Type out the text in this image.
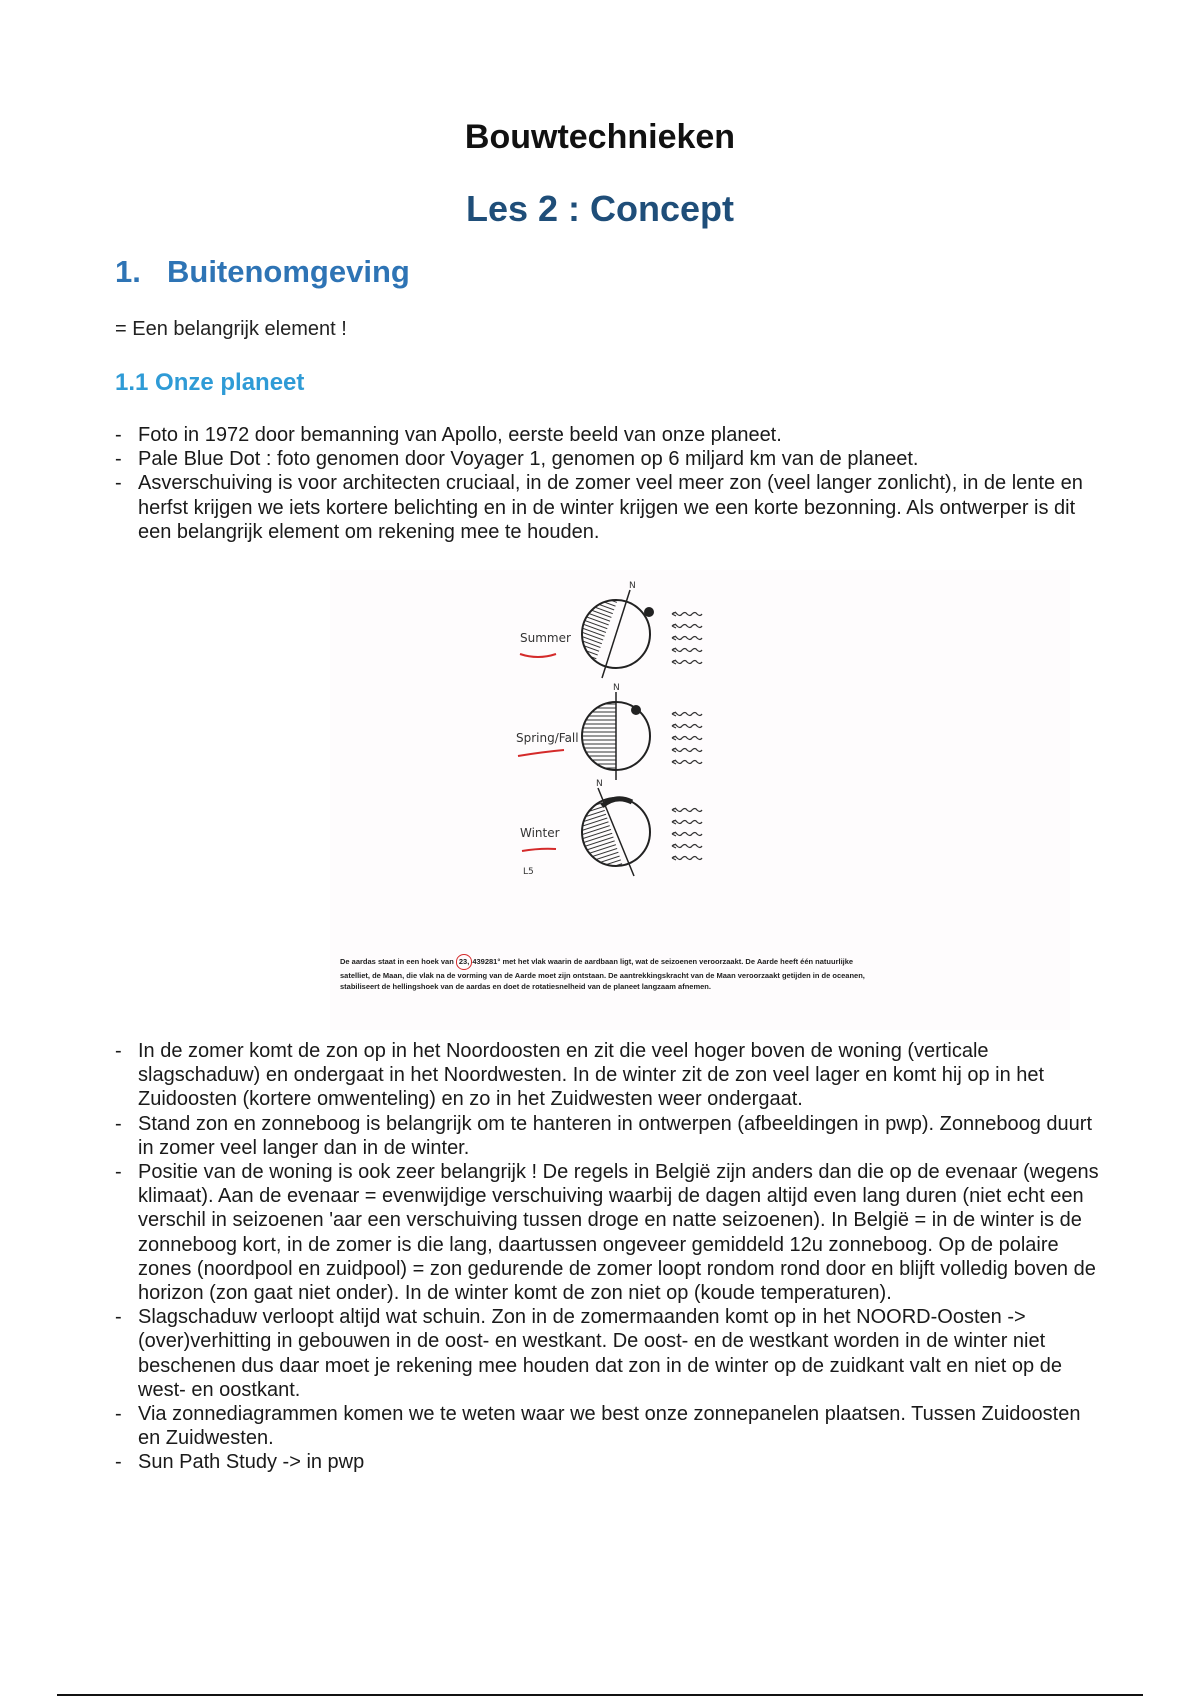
Bouwtechnieken
Les 2 : Concept
1. Buitenomgeving
= Een belangrijk element !
1.1 Onze planeet
- Foto in 1972 door bemanning van Apollo, eerste beeld van onze planeet.
- Pale Blue Dot : foto genomen door Voyager 1, genomen op 6 miljard km van de planeet.
- Asverschuiving is voor architecten cruciaal, in de zomer veel meer zon (veel langer zonlicht), in de lente en herfst krijgen we iets kortere belichting en in de winter krijgen we een korte bezonning. Als ontwerper is dit een belangrijk element om rekening mee te houden.
Summer
N
Spring/Fall
N
Winter
L5
N
De aardas staat in een hoek van 23, 439281° met het vlak waarin de aardbaan ligt, wat de seizoenen veroorzaakt. De Aarde heeft één natuurlijke satelliet, de Maan, die vlak na de vorming van de Aarde moet zijn ontstaan. De aantrekkingskracht van de Maan veroorzaakt getijden in de oceanen, stabiliseert de hellingshoek van de aardas en doet de rotatiesnelheid van de planeet langzaam afnemen.
- In de zomer komt de zon op in het Noordoosten en zit die veel hoger boven de woning (verticale slagschaduw) en ondergaat in het Noordwesten. In de winter zit de zon veel lager en komt hij op in het Zuidoosten (kortere omwenteling) en zo in het Zuidwesten weer ondergaat.
- Stand zon en zonneboog is belangrijk om te hanteren in ontwerpen (afbeeldingen in pwp). Zonneboog duurt in zomer veel langer dan in de winter.
- Positie van de woning is ook zeer belangrijk ! De regels in België zijn anders dan die op de evenaar (wegens klimaat). Aan de evenaar = evenwijdige verschuiving waarbij de dagen altijd even lang duren (niet echt een verschil in seizoenen 'aar een verschuiving tussen droge en natte seizoenen). In België = in de winter is de zonneboog kort, in de zomer is die lang, daartussen ongeveer gemiddeld 12u zonneboog. Op de polaire zones (noordpool en zuidpool) = zon gedurende de zomer loopt rondom rond door en blijft volledig boven de horizon (zon gaat niet onder). In de winter komt de zon niet op (koude temperaturen).
- Slagschaduw verloopt altijd wat schuin. Zon in de zomermaanden komt op in het NOORD-Oosten -> (over)verhitting in gebouwen in de oost- en westkant. De oost- en de westkant worden in de winter niet beschenen dus daar moet je rekening mee houden dat zon in de winter op de zuidkant valt en niet op de west- en oostkant.
- Via zonnediagrammen komen we te weten waar we best onze zonnepanelen plaatsen. Tussen Zuidoosten en Zuidwesten.
- Sun Path Study -> in pwp
